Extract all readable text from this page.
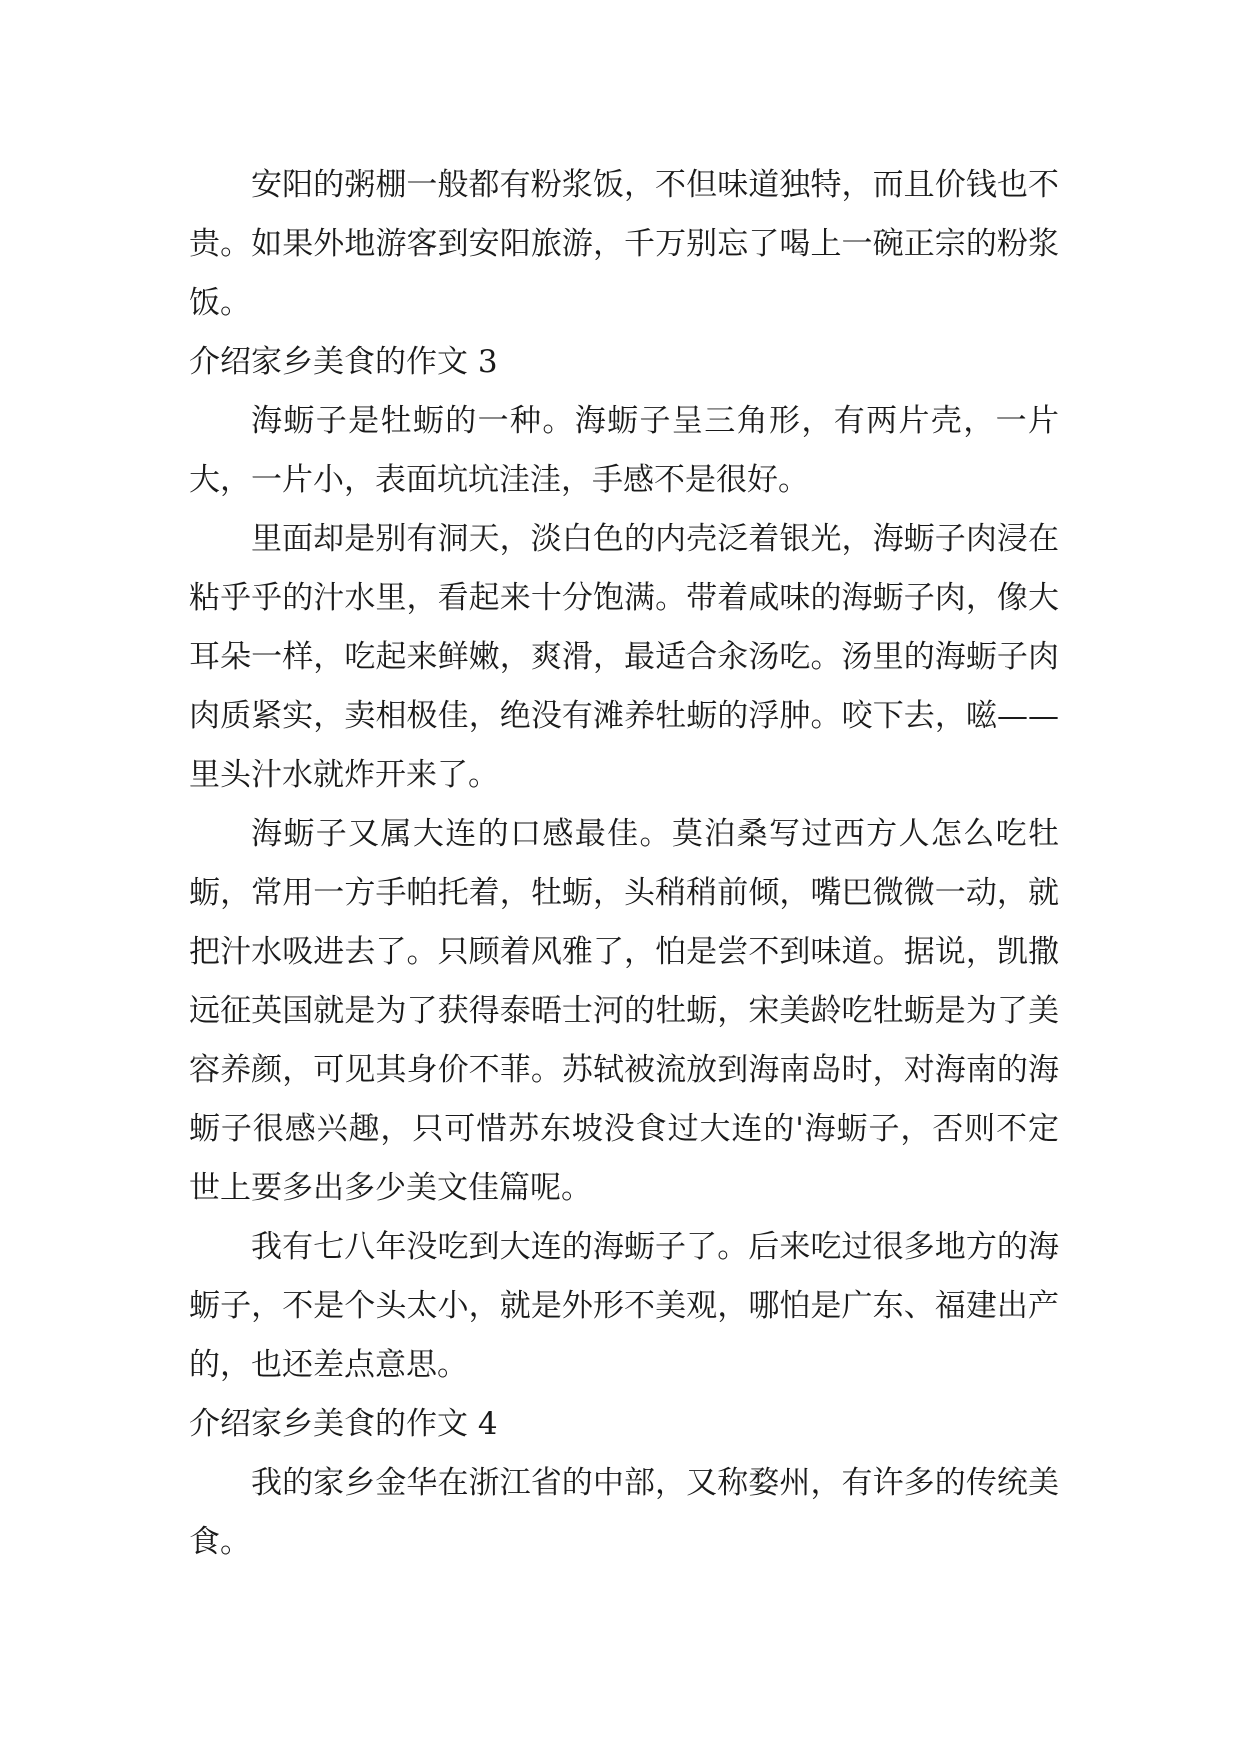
安阳的粥棚一般都有粉浆饭，不但味道独特，而且价钱也不贵。如果外地游客到安阳旅游，千万别忘了喝上一碗正宗的粉浆饭。

介绍家乡美食的作文 3

海蛎子是牡蛎的一种。海蛎子呈三角形，有两片壳，一片大，一片小，表面坑坑洼洼，手感不是很好。

里面却是别有洞天，淡白色的内壳泛着银光，海蛎子肉浸在粘乎乎的汁水里，看起来十分饱满。带着咸味的海蛎子肉，像大耳朵一样，吃起来鲜嫩，爽滑，最适合汆汤吃。汤里的海蛎子肉肉质紧实，卖相极佳，绝没有滩养牡蛎的浮肿。咬下去，嗞——里头汁水就炸开来了。

海蛎子又属大连的口感最佳。莫泊桑写过西方人怎么吃牡蛎，常用一方手帕托着，牡蛎，头稍稍前倾，嘴巴微微一动，就把汁水吸进去了。只顾着风雅了，怕是尝不到味道。据说，凯撒远征英国就是为了获得泰晤士河的牡蛎，宋美龄吃牡蛎是为了美容养颜，可见其身价不菲。苏轼被流放到海南岛时，对海南的海蛎子很感兴趣，只可惜苏东坡没食过大连的'海蛎子，否则不定世上要多出多少美文佳篇呢。

我有七八年没吃到大连的海蛎子了。后来吃过很多地方的海蛎子，不是个头太小，就是外形不美观，哪怕是广东、福建出产的，也还差点意思。

介绍家乡美食的作文 4

我的家乡金华在浙江省的中部，又称婺州，有许多的传统美食。
